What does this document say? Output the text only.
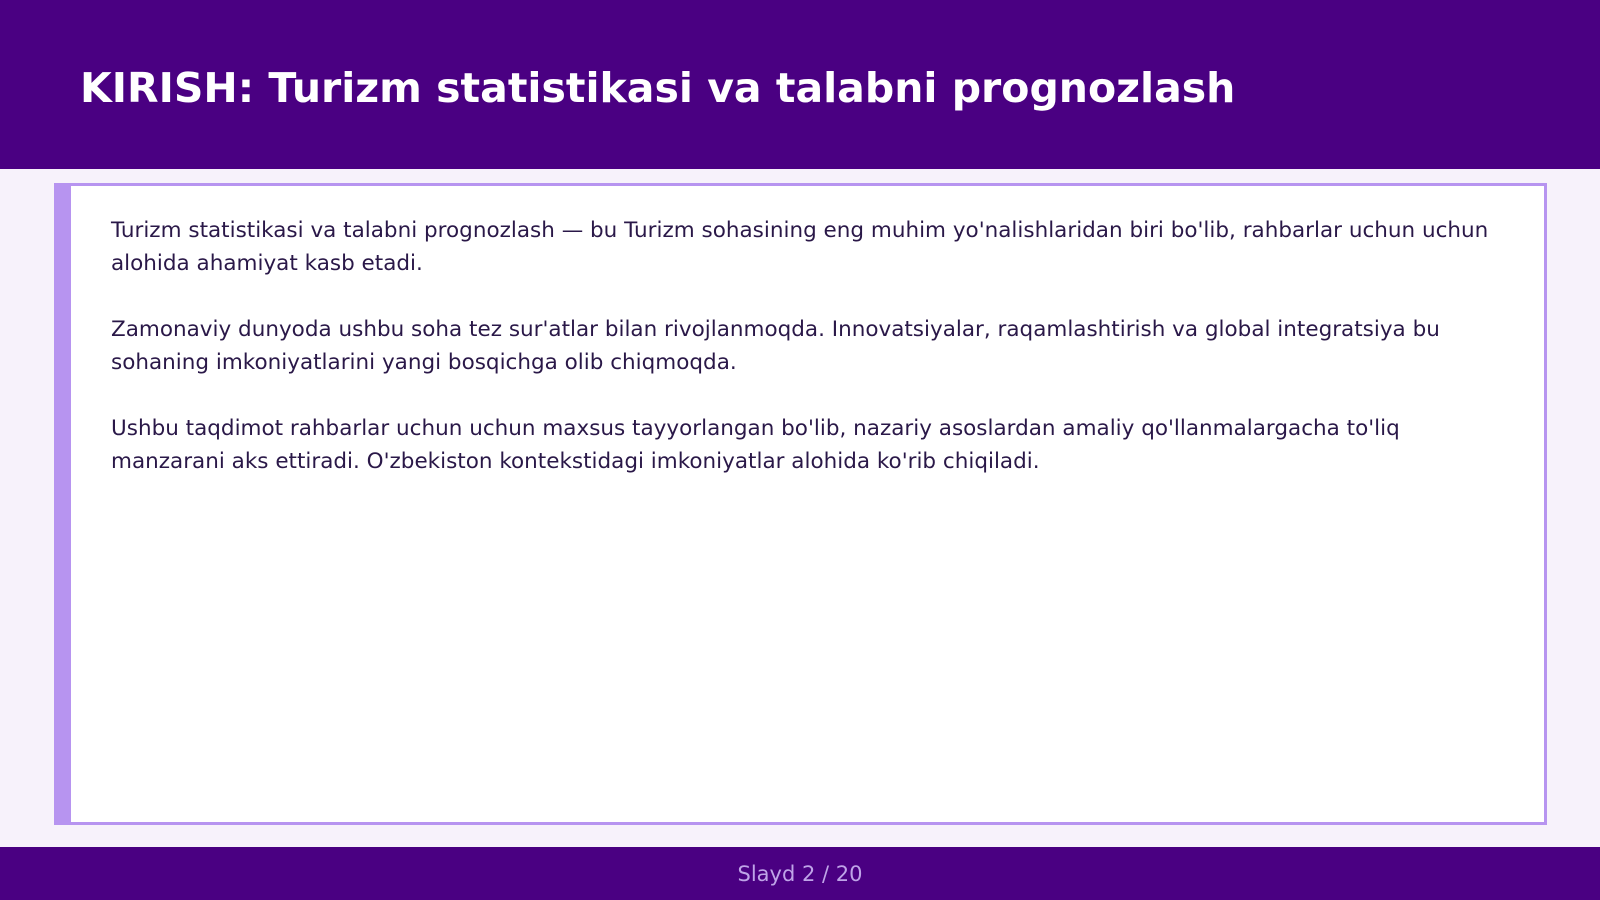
KIRISH: Turizm statistikasi va talabni prognozlash

Turizm statistikasi va talabni prognozlash — bu Turizm sohasining eng muhim yo'nalishlaridan biri bo'lib, rahbarlar uchun uchun alohida ahamiyat kasb etadi.

Zamonaviy dunyoda ushbu soha tez sur'atlar bilan rivojlanmoqda. Innovatsiyalar, raqamlashtirish va global integratsiya bu sohaning imkoniyatlarini yangi bosqichga olib chiqmoqda.

Ushbu taqdimot rahbarlar uchun uchun maxsus tayyorlangan bo'lib, nazariy asoslardan amaliy qo'llanmalargacha to'liq manzarani aks ettiradi. O'zbekiston kontekstidagi imkoniyatlar alohida ko'rib chiqiladi.

Slayd 2 / 20
